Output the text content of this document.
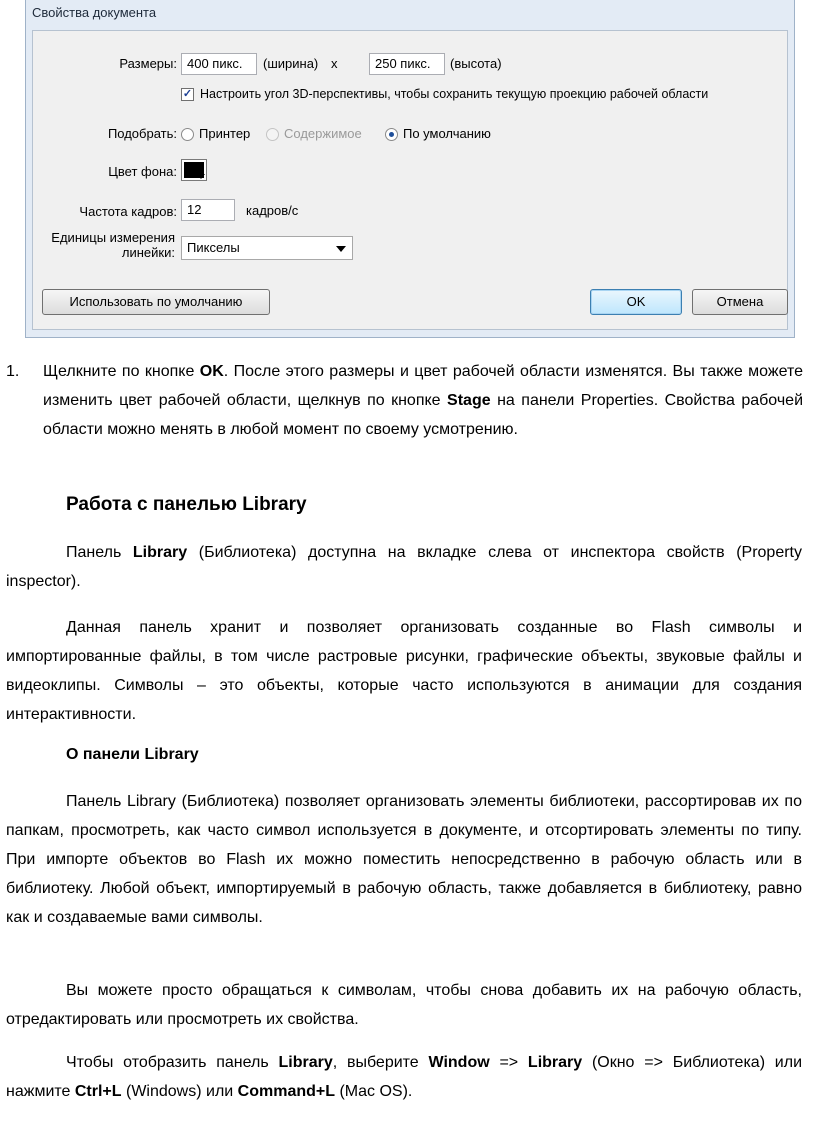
Свойства документа
Размеры: 400 пикс.	(ширина) x	250 пикс.	(высота)
✓ Настроить угол 3D-перспективы, чтобы сохранить текущую проекцию рабочей области
Подобрать: Принтер	Содержимое	По умолчанию
Цвет фона:
Частота кадров: 12	кадров/с
Единицы измерения
линейки: Пикселы
Использовать по умолчанию	OK	Отмена
1.	Щелкните по кнопке OK. После этого размеры и цвет рабочей области изменятся. Вы также можете изменить цвет рабочей области, щелкнув по кнопке Stage на панели Properties. Свойства рабочей области можно менять в любой момент по своему усмотрению.
Работа с панелью Library
Панель Library (Библиотека) доступна на вкладке слева от инспектора свойств (Property inspector).
Данная панель хранит и позволяет организовать созданные во Flash символы и импортированные файлы, в том числе растровые рисунки, графические объекты, звуковые файлы и видеоклипы. Символы – это объекты, которые часто используются в анимации для создания интерактивности.
О панели Library
Панель Library (Библиотека) позволяет организовать элементы библиотеки, рассортировав их по папкам, просмотреть, как часто символ используется в документе, и отсортировать элементы по типу. При импорте объектов во Flash их можно поместить непосредственно в рабочую область или в библиотеку. Любой объект, импортируемый в рабочую область, также добавляется в библиотеку, равно как и создаваемые вами символы.
Вы можете просто обращаться к символам, чтобы снова добавить их на рабочую область, отредактировать или просмотреть их свойства.
Чтобы отобразить панель Library, выберите Window => Library (Окно => Библиотека) или нажмите Ctrl+L (Windows) или Command+L (Mac OS).
